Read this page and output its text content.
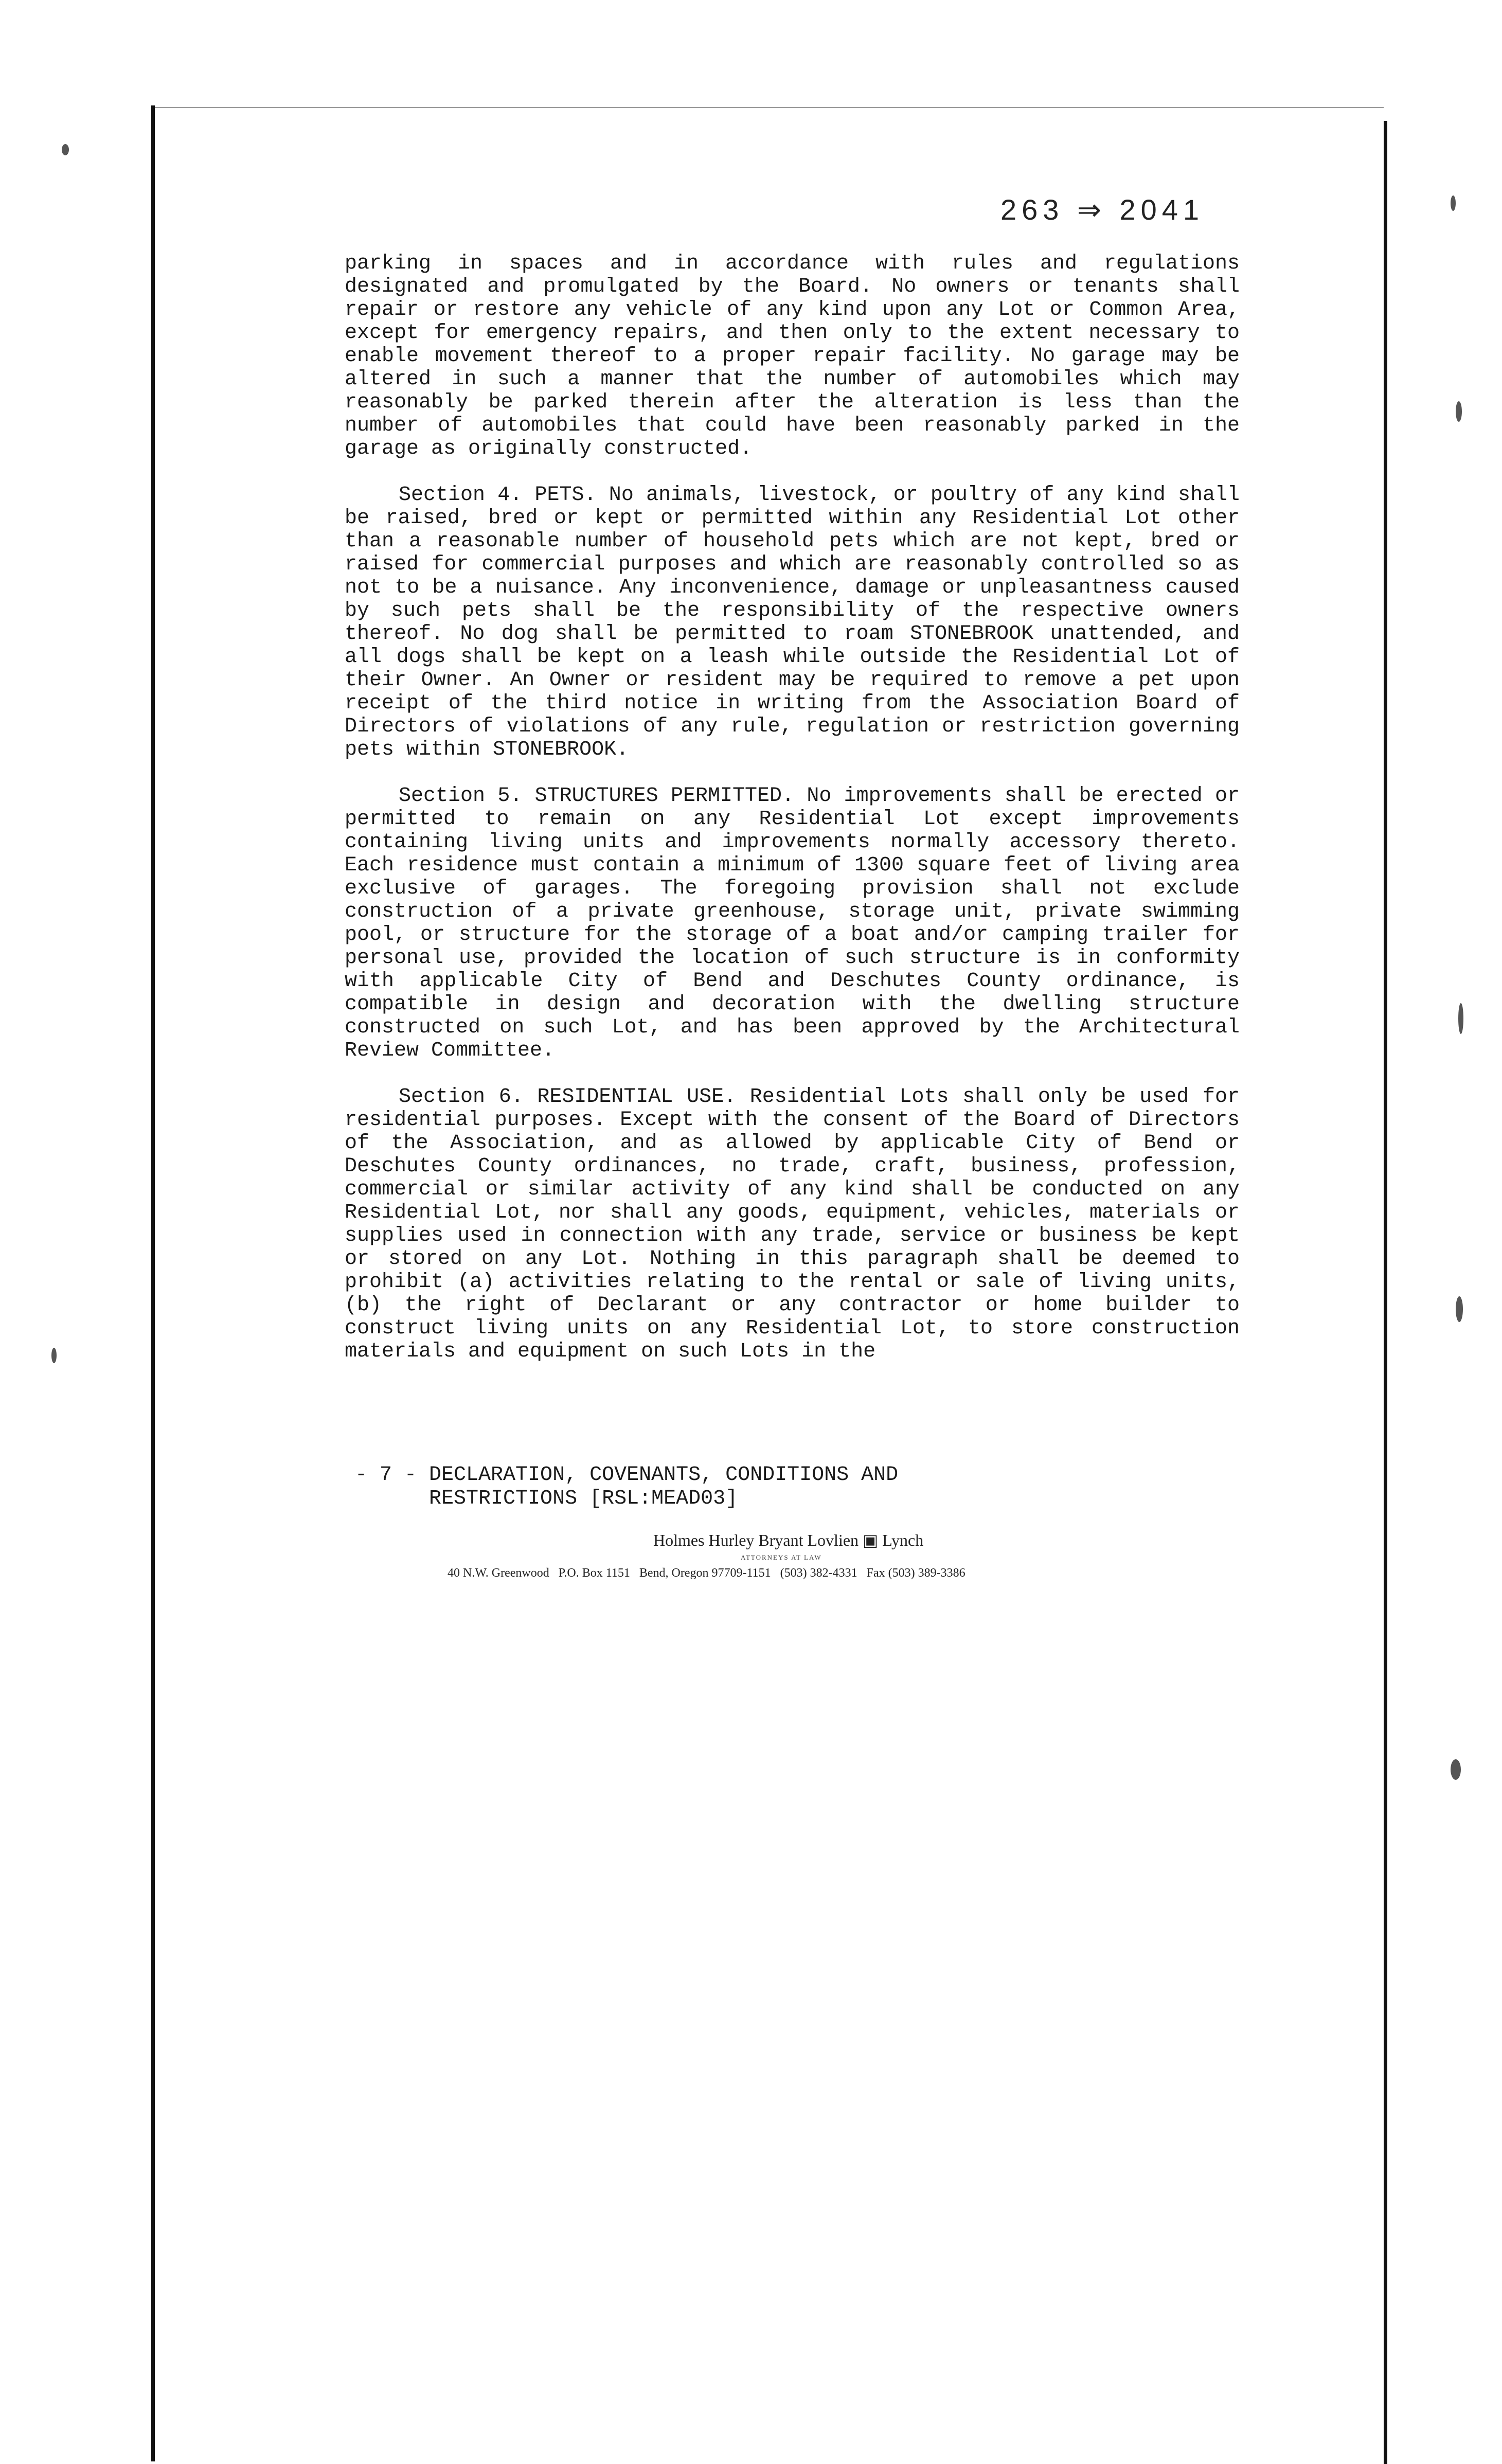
263 ⇒ 2041

parking in spaces and in accordance with rules and regulations designated and promulgated by the Board. No owners or tenants shall repair or restore any vehicle of any kind upon any Lot or Common Area, except for emergency repairs, and then only to the extent necessary to enable movement thereof to a proper repair facility. No garage may be altered in such a manner that the number of automobiles which may reasonably be parked therein after the alteration is less than the number of automobiles that could have been reasonably parked in the garage as originally constructed.

Section 4. PETS. No animals, livestock, or poultry of any kind shall be raised, bred or kept or permitted within any Residential Lot other than a reasonable number of household pets which are not kept, bred or raised for commercial purposes and which are reasonably controlled so as not to be a nuisance. Any inconvenience, damage or unpleasantness caused by such pets shall be the responsibility of the respective owners thereof. No dog shall be permitted to roam STONEBROOK unattended, and all dogs shall be kept on a leash while outside the Residential Lot of their Owner. An Owner or resident may be required to remove a pet upon receipt of the third notice in writing from the Association Board of Directors of violations of any rule, regulation or restriction governing pets within STONEBROOK.

Section 5. STRUCTURES PERMITTED. No improvements shall be erected or permitted to remain on any Residential Lot except improvements containing living units and improvements normally accessory thereto. Each residence must contain a minimum of 1300 square feet of living area exclusive of garages. The foregoing provision shall not exclude construction of a private greenhouse, storage unit, private swimming pool, or structure for the storage of a boat and/or camping trailer for personal use, provided the location of such structure is in conformity with applicable City of Bend and Deschutes County ordinance, is compatible in design and decoration with the dwelling structure constructed on such Lot, and has been approved by the Architectural Review Committee.

Section 6. RESIDENTIAL USE. Residential Lots shall only be used for residential purposes. Except with the consent of the Board of Directors of the Association, and as allowed by applicable City of Bend or Deschutes County ordinances, no trade, craft, business, profession, commercial or similar activity of any kind shall be conducted on any Residential Lot, nor shall any goods, equipment, vehicles, materials or supplies used in connection with any trade, service or business be kept or stored on any Lot. Nothing in this paragraph shall be deemed to prohibit (a) activities relating to the rental or sale of living units, (b) the right of Declarant or any contractor or home builder to construct living units on any Residential Lot, to store construction materials and equipment on such Lots in the

- 7 - DECLARATION, COVENANTS, CONDITIONS AND
RESTRICTIONS [RSL:MEAD03]
Holmes Hurley Bryant Lovlien ▣ Lynch
ATTORNEYS AT LAW
40 N.W. Greenwood   P.O. Box 1151   Bend, Oregon 97709-1151   (503) 382-4331   Fax (503) 389-3386
